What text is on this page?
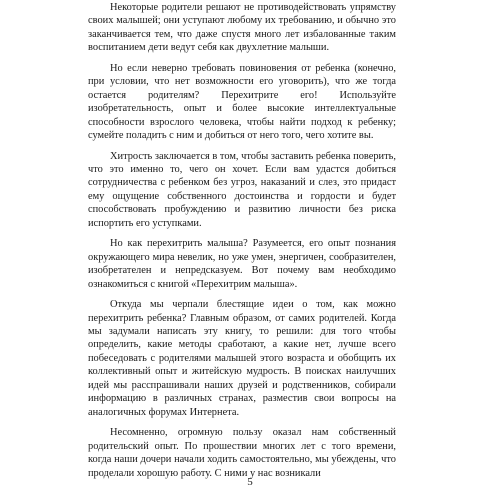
Некоторые родители решают не противодействовать упрямству своих малышей; они уступают любому их требованию, и обычно это заканчивается тем, что даже спустя много лет избалованные таким воспитанием дети ведут себя как двухлетние малыши.

Но если неверно требовать повиновения от ребенка (конечно, при условии, что нет возможности его уговорить), что же тогда остается родителям? Перехитрите его! Используйте изобретательность, опыт и более высокие интеллектуальные способности взрослого человека, чтобы найти подход к ребенку; сумейте поладить с ним и добиться от него того, чего хотите вы.

Хитрость заключается в том, чтобы заставить ребенка поверить, что это именно то, чего он хочет. Если вам удастся добиться сотрудничества с ребенком без угроз, наказаний и слез, это придаст ему ощущение собственного достоинства и гордости и будет способствовать пробуждению и развитию личности без риска испортить его уступками.

Но как перехитрить малыша? Разумеется, его опыт познания окружающего мира невелик, но уже умен, энергичен, сообразителен, изобретателен и непредсказуем. Вот почему вам необходимо ознакомиться с книгой «Перехитрим малыша».

Откуда мы черпали блестящие идеи о том, как можно перехитрить ребенка? Главным образом, от самих родителей. Когда мы задумали написать эту книгу, то решили: для того чтобы определить, какие методы сработают, а какие нет, лучше всего побеседовать с родителями малышей этого возраста и обобщить их коллективный опыт и житейскую мудрость. В поисках наилучших идей мы расспрашивали наших друзей и родственников, собирали информацию в различных странах, разместив свои вопросы на аналогичных форумах Интернета.

Несомненно, огромную пользу оказал нам собственный родительский опыт. По прошествии многих лет с того времени, когда наши дочери начали ходить самостоятельно, мы убеждены, что проделали хорошую работу. С ними у нас возникали

5
